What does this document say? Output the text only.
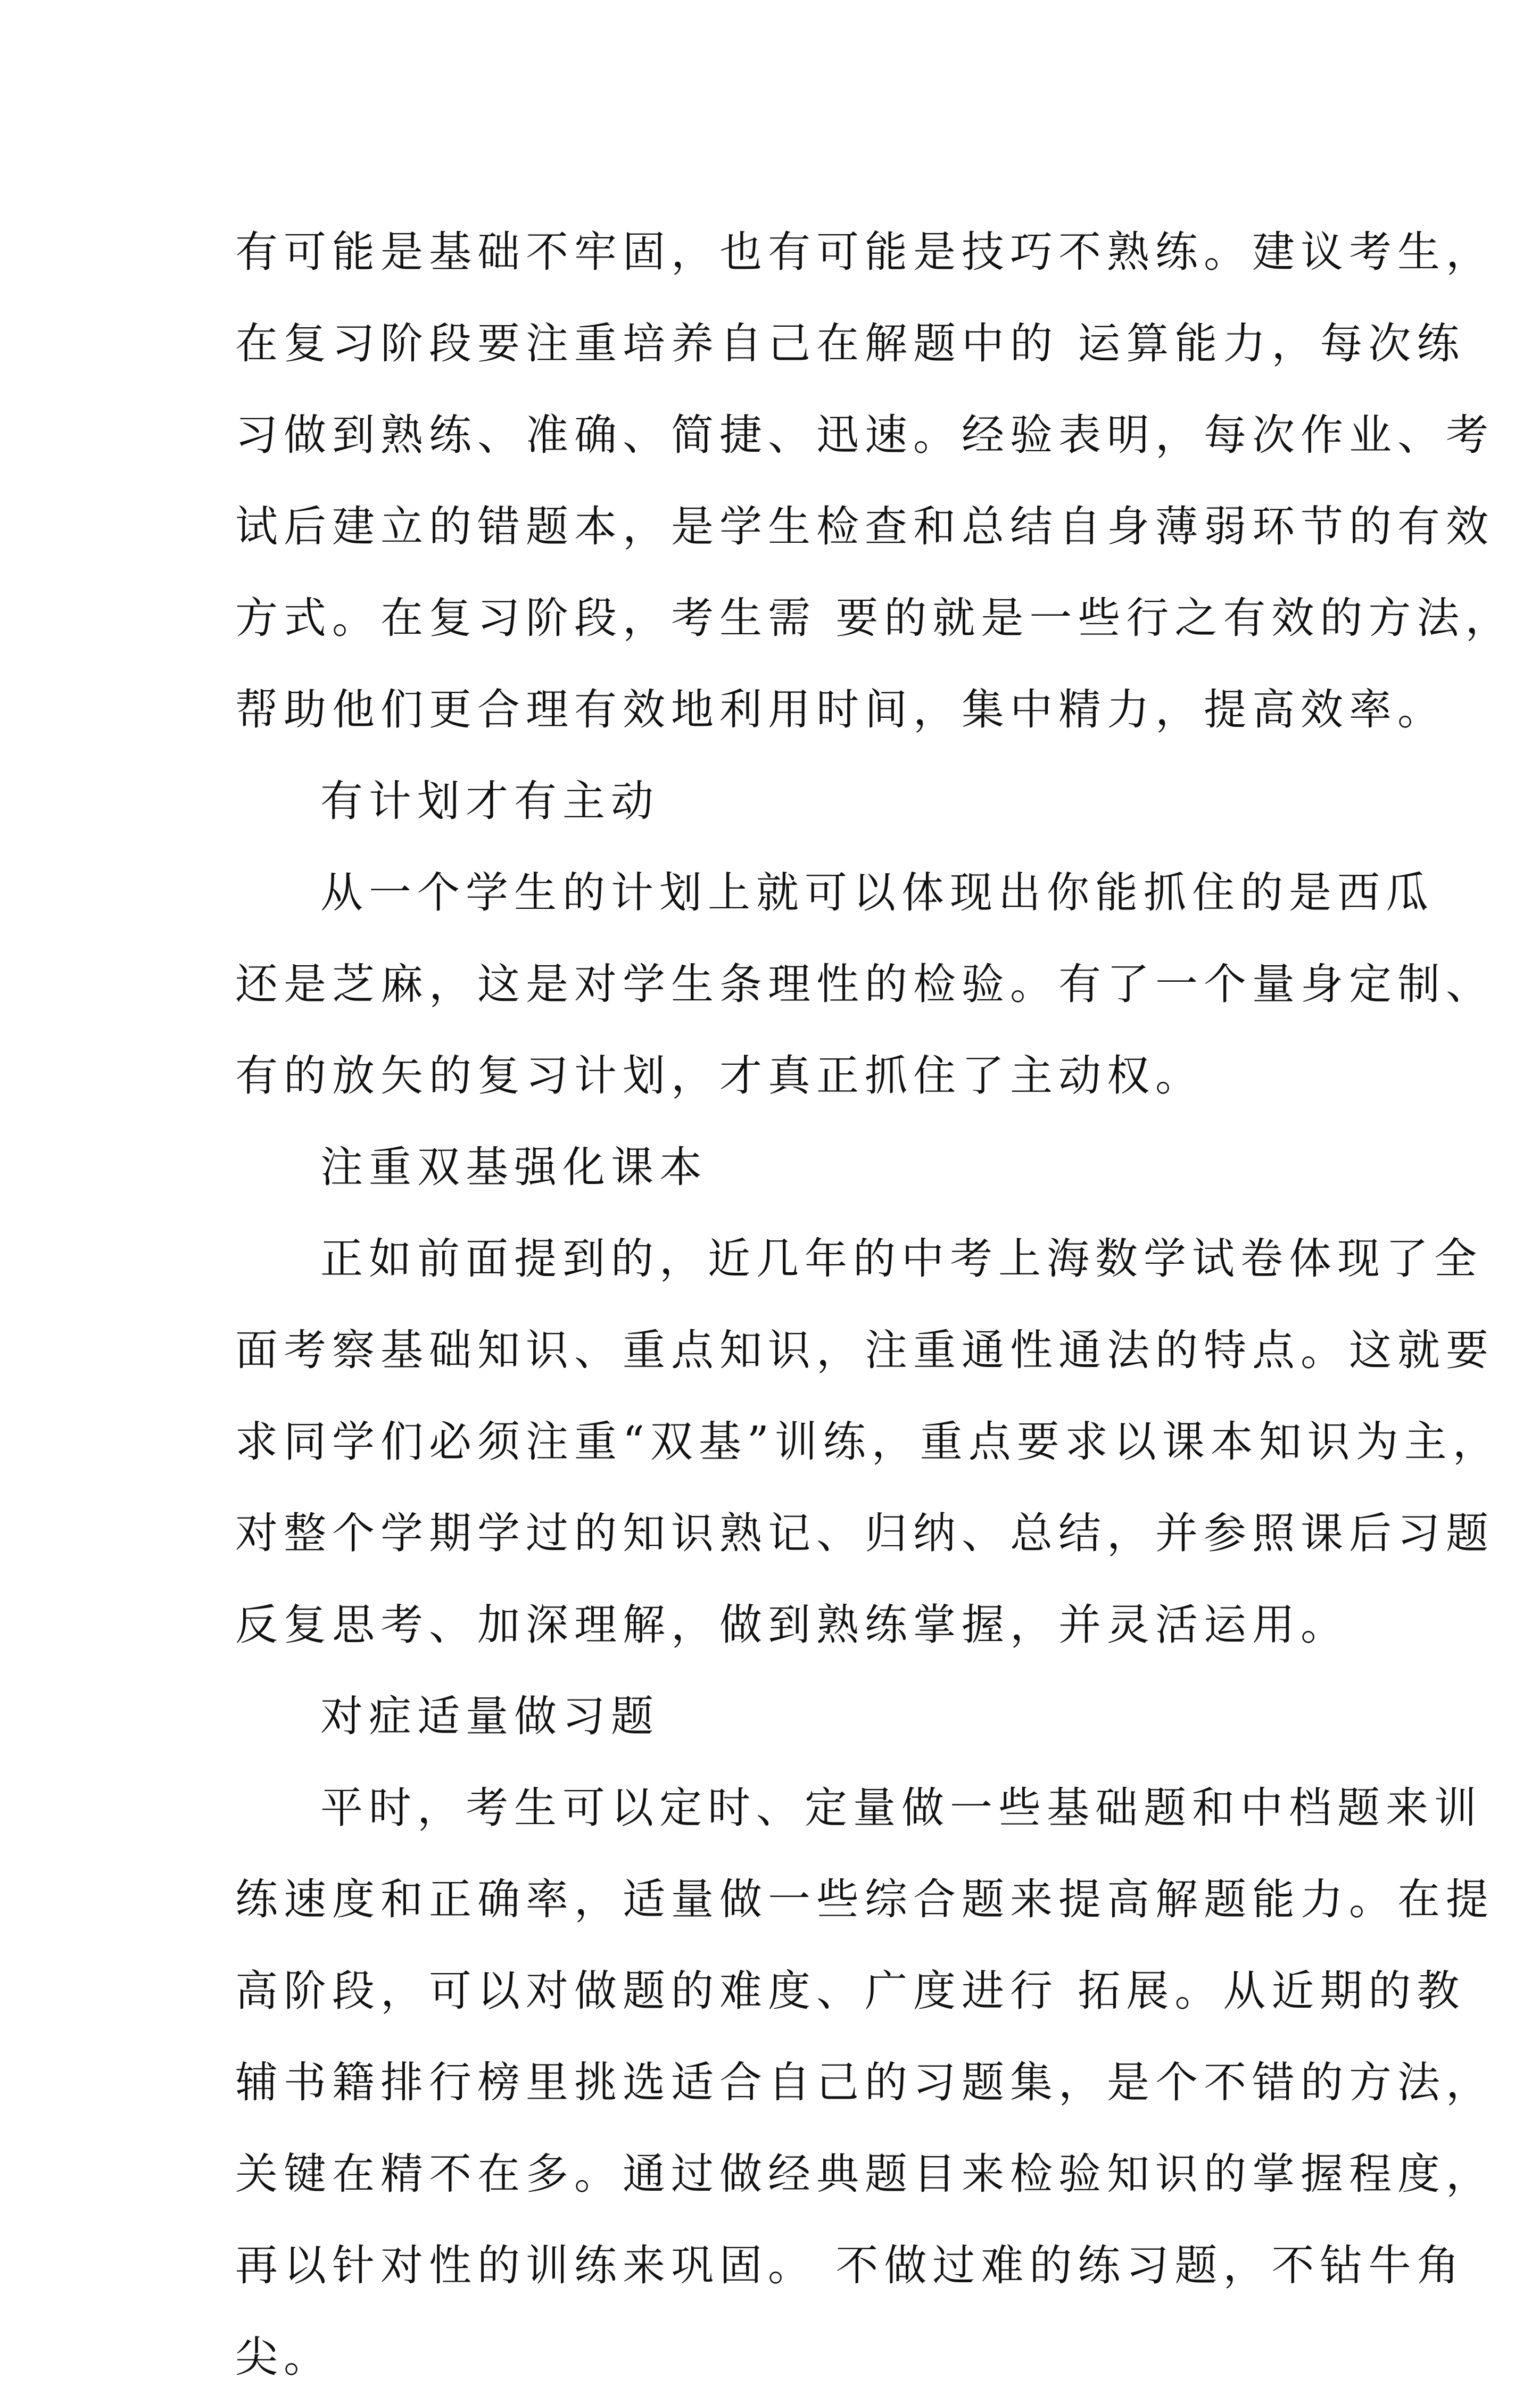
有可能是基础不牢固，也有可能是技巧不熟练。建议考生，
在复习阶段要注重培养自己在解题中的 运算能力，每次练
习做到熟练、准确、简捷、迅速。经验表明，每次作业、考
试后建立的错题本，是学生检查和总结自身薄弱环节的有效
方式。在复习阶段，考生需 要的就是一些行之有效的方法，
帮助他们更合理有效地利用时间，集中精力，提高效率。
有计划才有主动
从一个学生的计划上就可以体现出你能抓住的是西瓜
还是芝麻，这是对学生条理性的检验。有了一个量身定制、
有的放矢的复习计划，才真正抓住了主动权。
注重双基强化课本
正如前面提到的，近几年的中考上海数学试卷体现了全
面考察基础知识、重点知识，注重通性通法的特点。这就要
求同学们必须注重“双基”训练，重点要求以课本知识为主，
对整个学期学过的知识熟记、归纳、总结，并参照课后习题
反复思考、加深理解，做到熟练掌握，并灵活运用。
对症适量做习题
平时，考生可以定时、定量做一些基础题和中档题来训
练速度和正确率，适量做一些综合题来提高解题能力。在提
高阶段，可以对做题的难度、广度进行 拓展。从近期的教
辅书籍排行榜里挑选适合自己的习题集，是个不错的方法，
关键在精不在多。通过做经典题目来检验知识的掌握程度，
再以针对性的训练来巩固。 不做过难的练习题，不钻牛角
尖。
